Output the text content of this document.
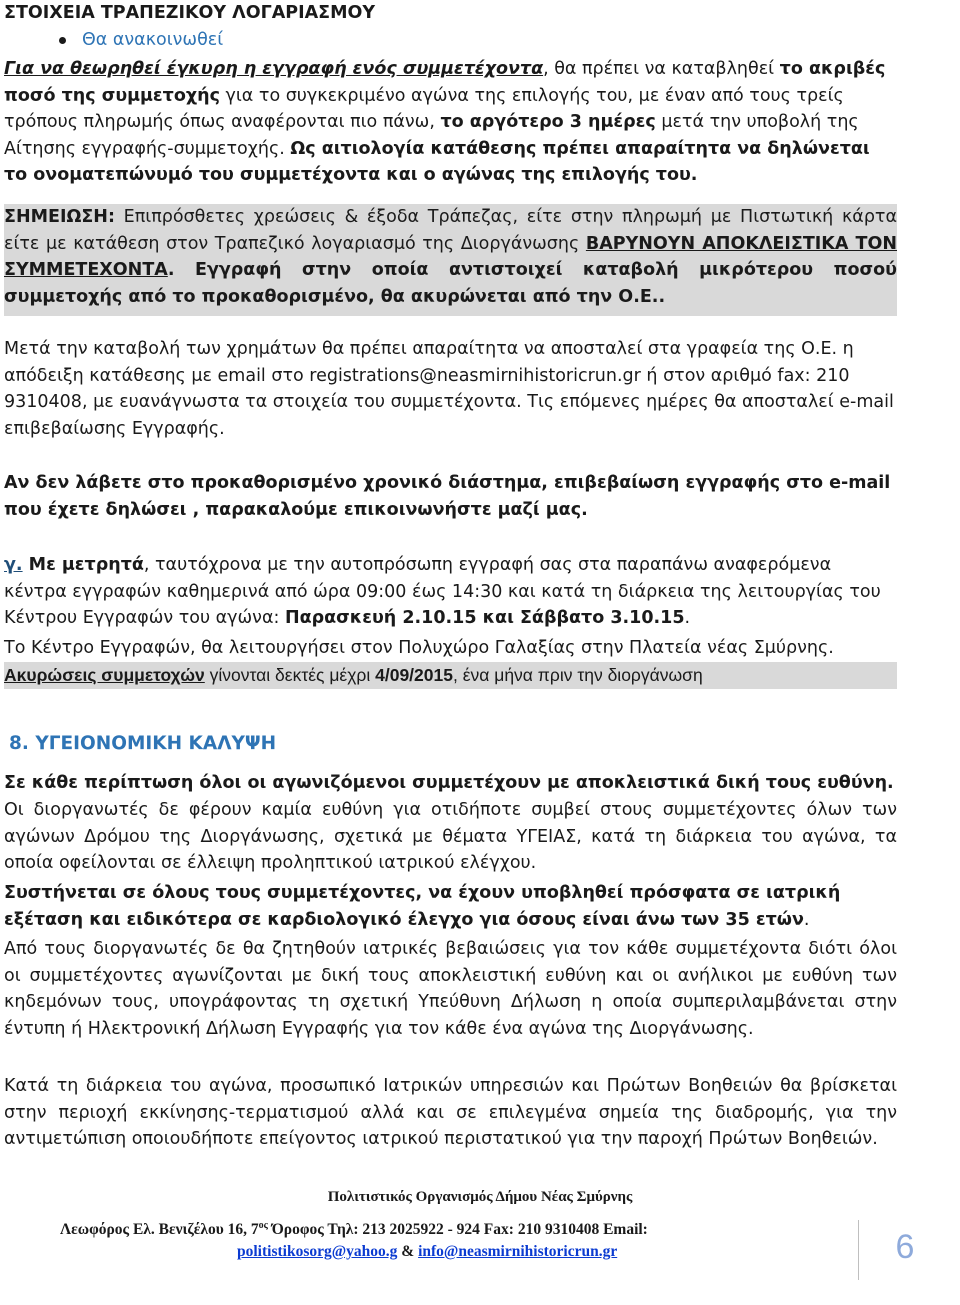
ΣΤΟΙΧΕΙΑ ΤΡΑΠΕΖΙΚΟΥ ΛΟΓΑΡΙΑΣΜΟΥ
Θα ανακοινωθεί
Για να θεωρηθεί έγκυρη η εγγραφή ενός συμμετέχοντα, θα πρέπει να καταβληθεί το ακριβές ποσό της συμμετοχής για το συγκεκριμένο αγώνα της επιλογής του, με έναν από τους τρείς τρόπους πληρωμής όπως αναφέρονται πιο πάνω, το αργότερο 3 ημέρες μετά την υποβολή της Αίτησης εγγραφής-συμμετοχής. Ως αιτιολογία κατάθεσης πρέπει απαραίτητα να δηλώνεται το ονοματεπώνυμό του συμμετέχοντα και ο αγώνας της επιλογής του.
ΣΗΜΕΙΩΣΗ: Επιπρόσθετες χρεώσεις & έξοδα Τράπεζας, είτε στην πληρωμή με Πιστωτική κάρτα είτε με κατάθεση στον Τραπεζικό λογαριασμό της Διοργάνωσης ΒΑΡΥΝΟΥΝ ΑΠΟΚΛΕΙΣΤΙΚΑ ΤΟΝ ΣΥΜΜΕΤΕΧΟΝΤΑ. Εγγραφή στην οποία αντιστοιχεί καταβολή μικρότερου ποσού συμμετοχής από το προκαθορισμένο, θα ακυρώνεται από την Ο.Ε..
Μετά την καταβολή των χρημάτων θα πρέπει απαραίτητα να αποσταλεί στα γραφεία της Ο.Ε. η απόδειξη κατάθεσης με email στο registrations@neasmirnihistoricrun.gr ή στον αριθμό fax: 210 9310408, με ευανάγνωστα τα στοιχεία του συμμετέχοντα. Τις επόμενες ημέρες θα αποσταλεί e-mail επιβεβαίωσης Εγγραφής.
Αν δεν λάβετε στο προκαθορισμένο χρονικό διάστημα, επιβεβαίωση εγγραφής στο e-mail που έχετε δηλώσει , παρακαλούμε επικοινωνήστε μαζί μας.
γ. Με μετρητά, ταυτόχρονα με την αυτοπρόσωπη εγγραφή σας στα παραπάνω αναφερόμενα κέντρα εγγραφών καθημερινά από ώρα 09:00 έως 14:30 και κατά τη διάρκεια της λειτουργίας του Κέντρου Εγγραφών του αγώνα: Παρασκευή 2.10.15 και Σάββατο 3.10.15.
Το Κέντρο Εγγραφών, θα λειτουργήσει στον Πολυχώρο Γαλαξίας στην Πλατεία νέας Σμύρνης.
Ακυρώσεις συμμετοχών γίνονται δεκτές μέχρι 4/09/2015, ένα μήνα πριν την διοργάνωση
8. ΥΓΕΙΟΝΟΜΙΚΗ ΚΑΛΥΨΗ
Σε κάθε περίπτωση όλοι οι αγωνιζόμενοι συμμετέχουν με αποκλειστικά δική τους ευθύνη.
Οι διοργανωτές δε φέρουν καμία ευθύνη για οτιδήποτε συμβεί στους συμμετέχοντες όλων των αγώνων Δρόμου της Διοργάνωσης, σχετικά με θέματα ΥΓΕΙΑΣ, κατά τη διάρκεια του αγώνα, τα οποία οφείλονται σε έλλειψη προληπτικού ιατρικού ελέγχου.
Συστήνεται σε όλους τους συμμετέχοντες, να έχουν υποβληθεί πρόσφατα σε ιατρική εξέταση και ειδικότερα σε καρδιολογικό έλεγχο για όσους είναι άνω των 35 ετών.
Από τους διοργανωτές δε θα ζητηθούν ιατρικές βεβαιώσεις για τον κάθε συμμετέχοντα διότι όλοι οι συμμετέχοντες αγωνίζονται με δική τους αποκλειστική ευθύνη και οι ανήλικοι με ευθύνη των κηδεμόνων τους, υπογράφοντας τη σχετική Υπεύθυνη Δήλωση η οποία συμπεριλαμβάνεται στην έντυπη ή Ηλεκτρονική Δήλωση Εγγραφής για τον κάθε ένα αγώνα της Διοργάνωσης.
Κατά τη διάρκεια του αγώνα, προσωπικό Ιατρικών υπηρεσιών και Πρώτων Βοηθειών θα βρίσκεται στην περιοχή εκκίνησης-τερματισμού αλλά και σε επιλεγμένα σημεία της διαδρομής, για την αντιμετώπιση οποιουδήποτε επείγοντος ιατρικού περιστατικού για την παροχή Πρώτων Βοηθειών.
Πολιτιστικός Οργανισμός Δήμου Νέας Σμύρνης
Λεωφόρος Ελ. Βενιζέλου 16, $7^{o\varsigma}$ Όροφος Τηλ: 213 2025922 - 924 Fax: 210 9310408 Email:
politistikosorg@yahoo.g & info@neasmirnihistoricrun.gr	6
